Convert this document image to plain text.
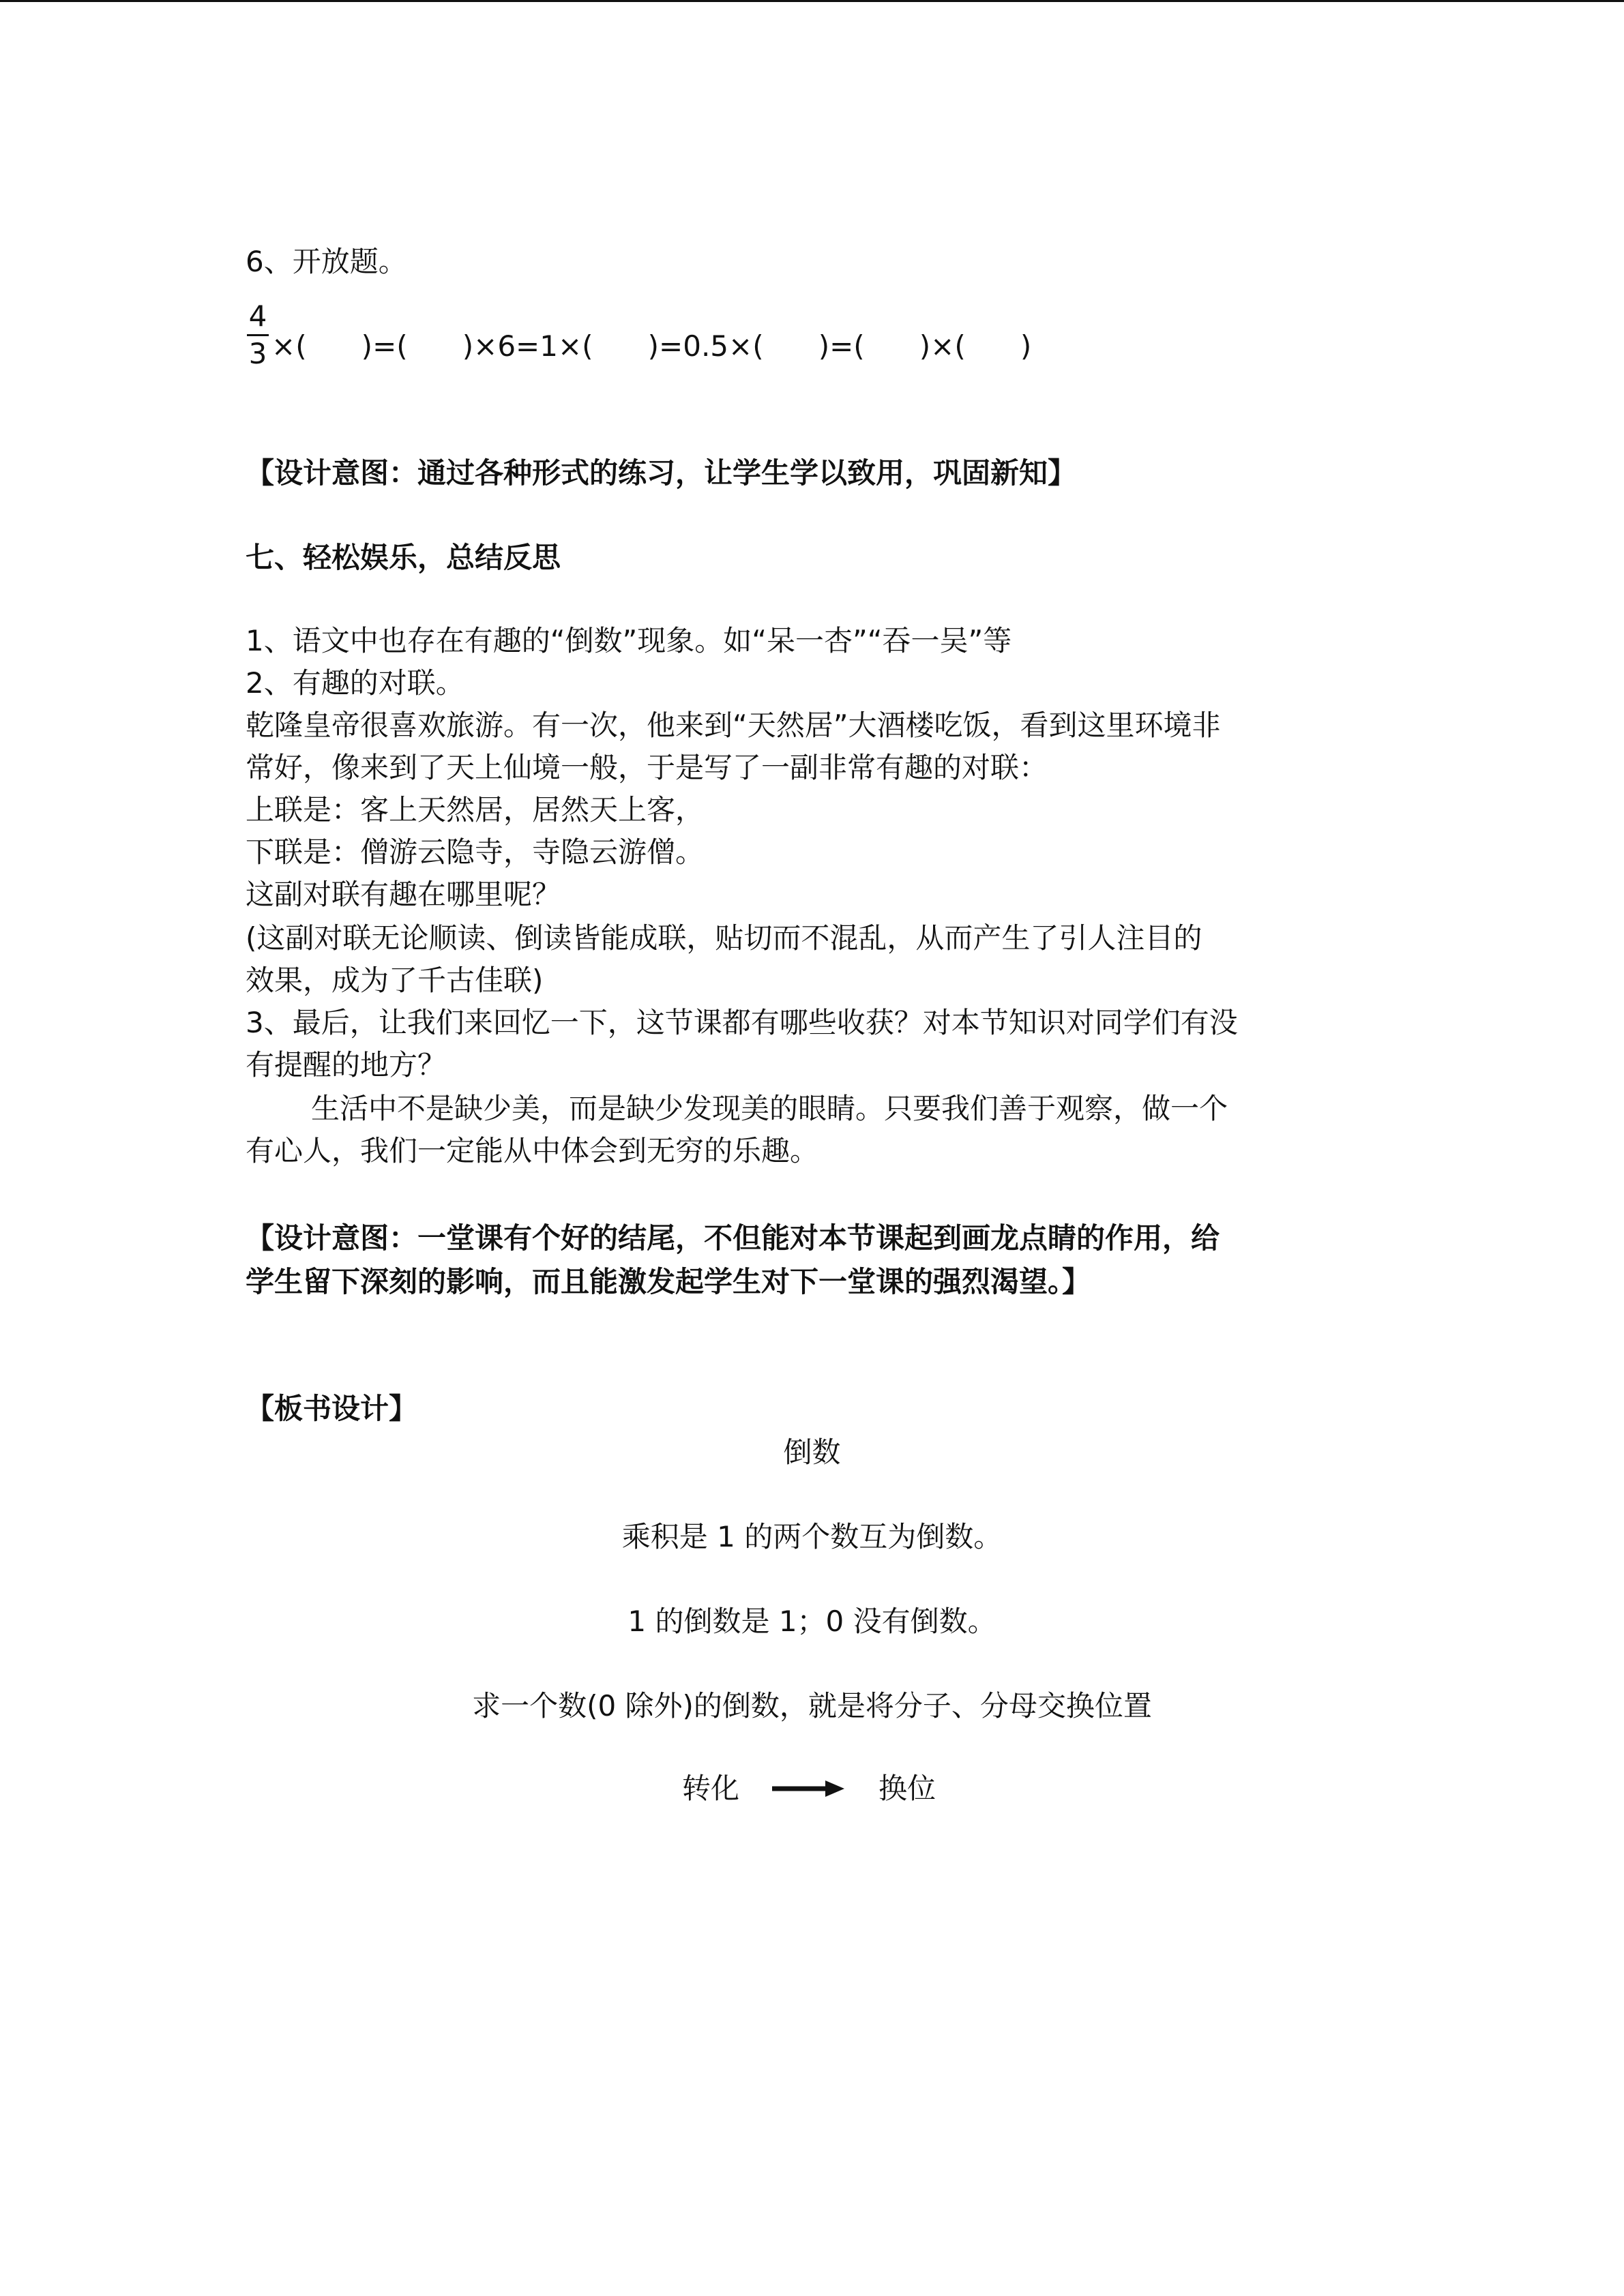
6、开放题。
4
3 ×(      )=(      )×6=1×(      )=0.5×(      )=(      )×(      )
【设计意图：通过各种形式的练习，让学生学以致用，巩固新知】
七、轻松娱乐，总结反思
1、语文中也存在有趣的“倒数”现象。如“呆一杏”“吞一吴”等
2、有趣的对联。
乾隆皇帝很喜欢旅游。有一次，他来到“天然居”大酒楼吃饭，看到这里环境非
常好，像来到了天上仙境一般，于是写了一副非常有趣的对联：
上联是：客上天然居，居然天上客，
下联是：僧游云隐寺，寺隐云游僧。
这副对联有趣在哪里呢？
(这副对联无论顺读、倒读皆能成联，贴切而不混乱，从而产生了引人注目的
效果，成为了千古佳联)
3、最后，让我们来回忆一下，这节课都有哪些收获？对本节知识对同学们有没
有提醒的地方？
生活中不是缺少美，而是缺少发现美的眼睛。只要我们善于观察，做一个
有心人，我们一定能从中体会到无穷的乐趣。
【设计意图：一堂课有个好的结尾，不但能对本节课起到画龙点睛的作用，给
学生留下深刻的影响，而且能激发起学生对下一堂课的强烈渴望。】
【板书设计】
倒数
乘积是 1 的两个数互为倒数。
1 的倒数是 1；0 没有倒数。
求一个数(0 除外)的倒数，就是将分子、分母交换位置
转化	换位
